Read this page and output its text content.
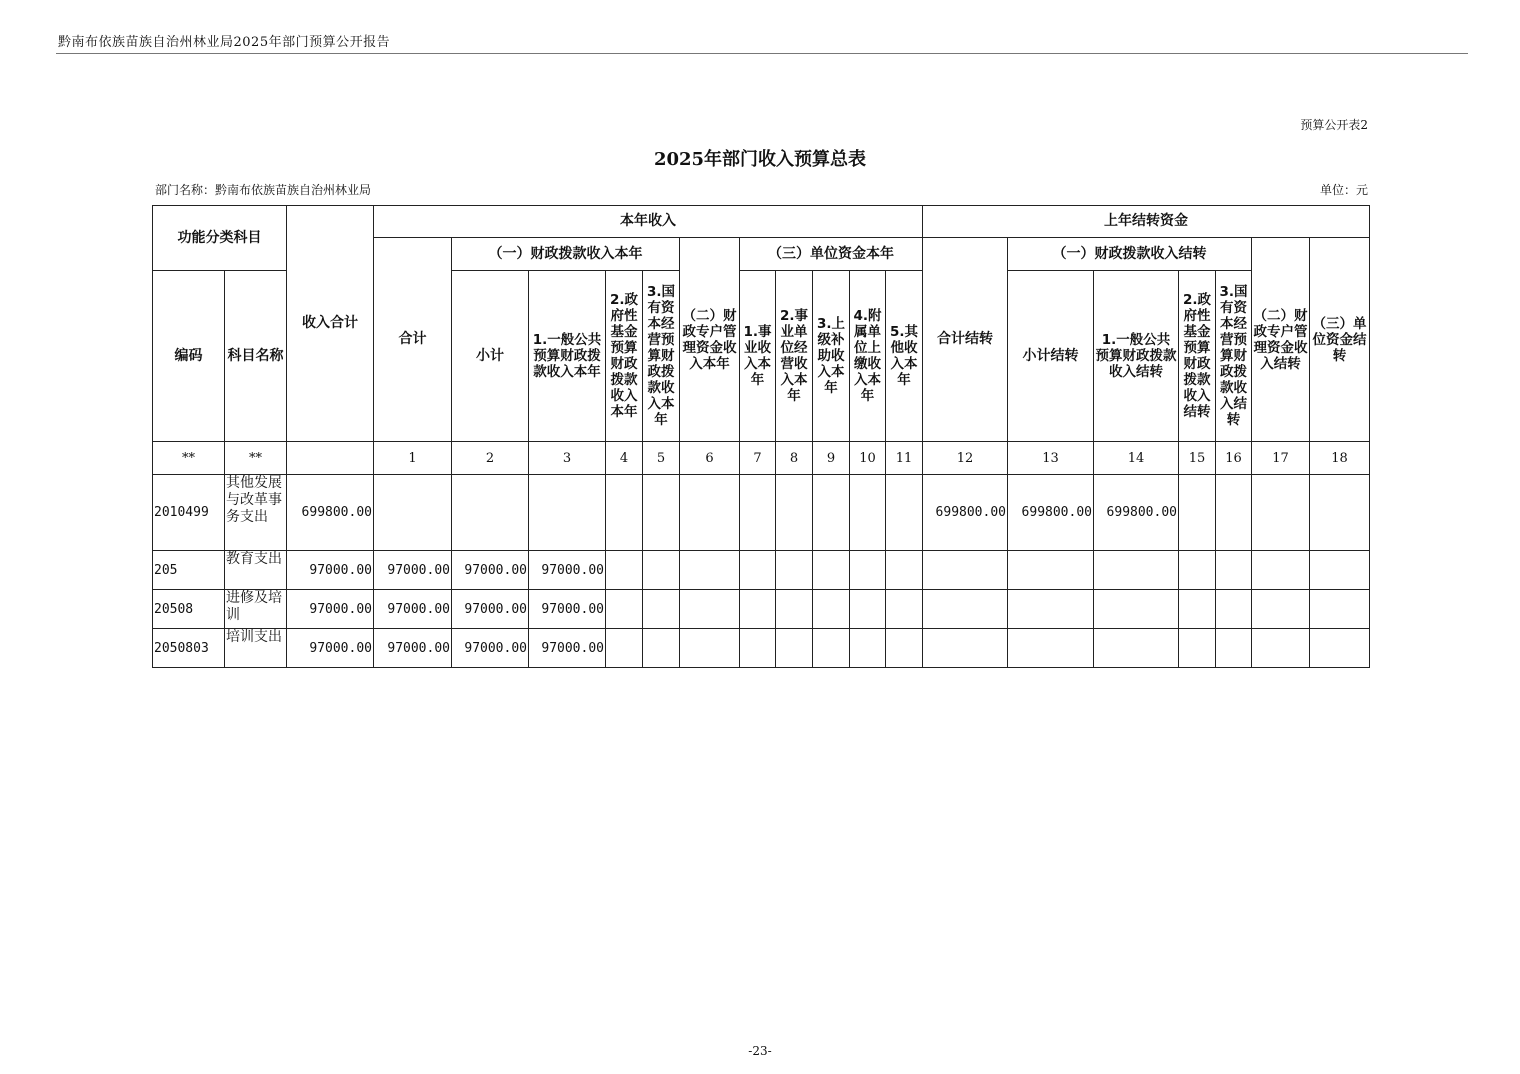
黔南布依族苗族自治州林业局2025年部门预算公开报告
预算公开表2
2025年部门收入预算总表
部门名称：黔南布依族苗族自治州林业局	单位：元
功能分类科目		收入合计	本年收入											上年结转资金						
			合计	（一）财政拨款收入本年				（二）财政专户管理资金收入本年	（三）单位资金本年					合计结转	（一）财政拨款收入结转				（二）财政专户管理资金收入结转	（三）单位资金结转
编码	科目名称			小计	1.一般公共预算财政拨款收入本年	2.政府性基金预算财政拨款收入本年	3.国有资本经营预算财政拨款收入本年		1.事业收入本年	2.事业单位经营收入本年	3.上级补助收入本年	4.附属单位上缴收入本年	5.其他收入本年		小计结转	1.一般公共预算财政拨款收入结转	2.政府性基金预算财政拨款收入结转	3.国有资本经营预算财政拨款收入结转		
**	**		1	2	3	4	5	6	7	8	9	10	11	12	13	14	15	16	17	18
2010499	其他发展与改革事务支出	699800.00												699800.00	699800.00	699800.00				
205	教育支出	97000.00	97000.00	97000.00	97000.00															
20508	进修及培训	97000.00	97000.00	97000.00	97000.00															
2050803	培训支出	97000.00	97000.00	97000.00	97000.00															
-23-
